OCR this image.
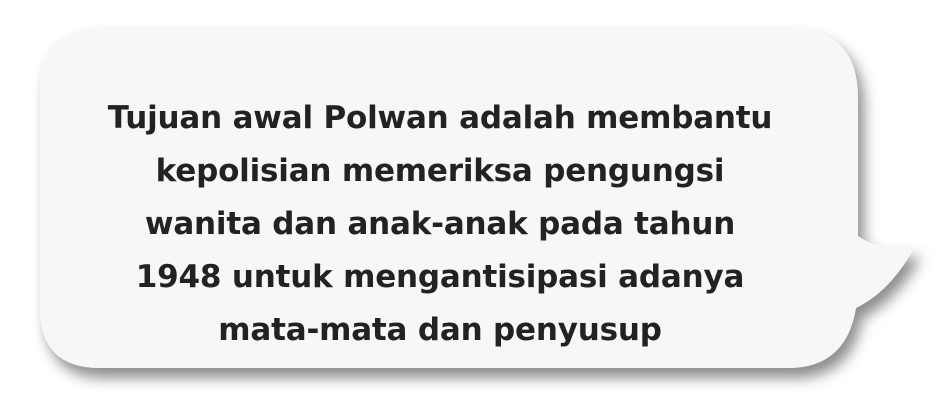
Tujuan awal Polwan adalah membantu
kepolisian memeriksa pengungsi
wanita dan anak-anak pada tahun
1948 untuk mengantisipasi adanya
mata-mata dan penyusup
